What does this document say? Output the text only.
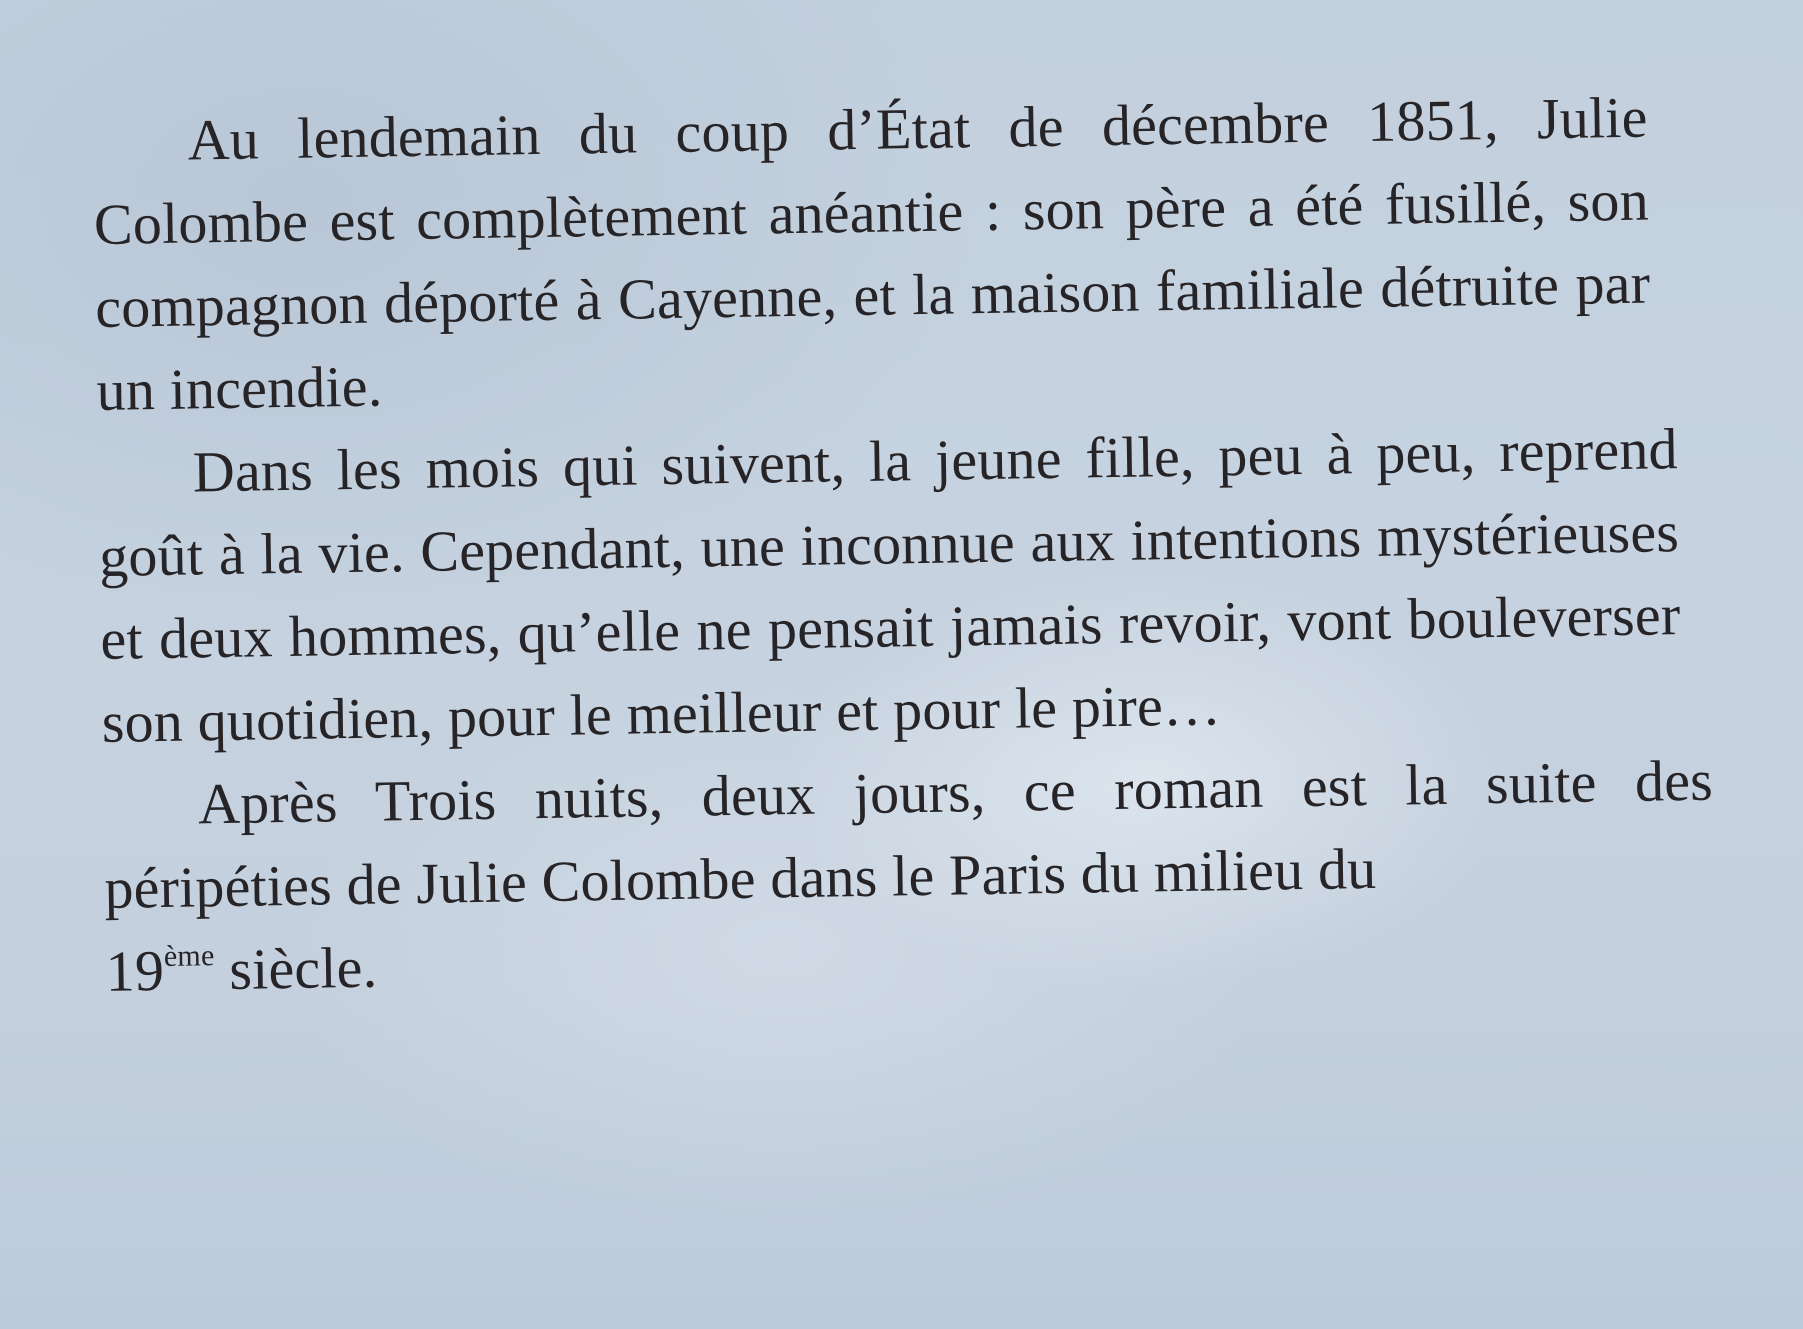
Au lendemain du coup d’État de décembre 1851, Julie Colombe est complètement anéantie : son père a été fusillé, son compagnon déporté à Cayenne, et la maison familiale détruite par un incendie.

Dans les mois qui suivent, la jeune fille, peu à peu, reprend goût à la vie. Cependant, une inconnue aux intentions mystérieuses et deux hommes, qu’elle ne pensait jamais revoir, vont bouleverser son quotidien, pour le meilleur et pour le pire…

Après Trois nuits, deux jours, ce roman est la suite des péripéties de Julie Colombe dans le Paris du milieu du
19ème siècle.
